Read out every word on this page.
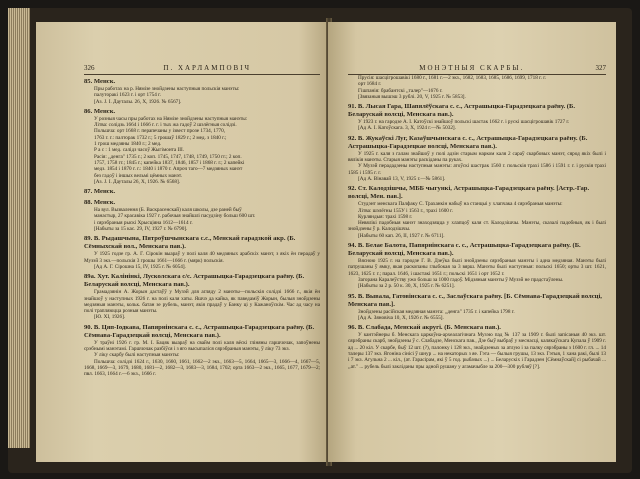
326	П. ХАРЛАМПОВІЧ
85. Менск.

Пры работах на р. Нямізе знойдзены наступныя польскія манэты:

палуторакі 1623 г. і орт 1754 г.

[Аз. J. І. Дауталы. 26, X, 1926. № 6567].

86. Менск.

У розныя часы пры работах на Нямізе знойдзены наступныя манэты:

Літва: солідзь 1664 і 1666 г. г. і тых жа гадоў 2 шэлёгныя солідзі.

Польшча: орт 1668 г. перапечаны у ізвест прозе 1734, 1770,

1763 г. г.: палторак 1732 г.; 5 грошаў 1829 г.; 2 мед. з 1840 г.;

1 грош медзяны 1840 г.; 2 мед.

Р а с : 1 мед. салідз часоў Жыгімонта III.

Расія: ,,денга" 1735 г.; 2 коп. 1745, 1747, 1748, 1749, 1750 гг.; 2 коп.

1757, 1758 гг.; 1845 г.; капейка 1837, 1846, 1857 і 1868 г. г.; 2 капейкі

медз. 1854 і 1870 г. г.: 1840 і 1870 г. Апроч таго—7 медзяных манэт

без гадоў і іншых вельмі цёмных манэт.

[Аз. J. І. Дауталы 26, X, 1926. № 6568].

87. Менск.
88. Менск.

На вул. Вызвалення (Б. Васкрасенскай) каля школы, дзе раней быў

манастыр, 27 красавіка 1927 г. рабочыя знайшлі пасудзіну больш 600 шт.

і сярэбраныя рыскі Хрысціяна 1612—1614 г.

[Набыты за 15 кас. 29, IV, 1927 г. № 6790].

89. В. Рыдашчына, Пятроўшчынскага с.с., Менскай гарадзкой акр. (Б. Сёмныхскай вол., Менскага пав.).

У 1925 годзе гр. А. Г. Сірокін выараў у полі каля 40 медзяных арабскіх манэт, з якіх ён перадаў у Музэй 3 экз.—польскія 3 грошы 1661—1666 г. (мярк) польскія.

[Ад А. Г. Сірошна 15, IV, 1925 г. № 6054].

89а. Хут. Калінінкі, Лусколскага с/с. Астрашыцка-Гарадзецкага раёну. (Б. Беларускай волсці, Менскага пав.).

Грамадзянін А. Жорын дастаўў у Музэй для агляду 2 манэты—польскія солідзі 1666 г., якія ён знайшоў у наступных 1926 г. на полі каля хаты. Яшчэ да кайка, як паведаміў Жорын, былыя знойдзены медзяныя манэты, кольк. батан зе рубель, манэт, якія прадаў у Банку ці у Кажаноўскім. Час ад часу на полі трапляюцца розныя манэты.

[Ю. XI, 1926].

90. В. Цяп-Іодкава, Папярнінскага с. с., Астрашыцка-Гарадзецкага раёну. (Б. Сёмнава-Гарадзецкай волсці, Менскага пав.).

У траўні 1926 г. гр. М. І. Бацяк выараў на свайм полі каля вёскі гліняны гаршчочак, запоўнены срэбнымі манэтамі. Гаршчочак разбіўся і з яго высыпаліся сярэбраныя манэты, ў ліку 73 экз.

У ліку скарбу былі наступныя манэты:

Польшча: солідзі 1624 г., 1630, 1660, 1661, 1662—2 экз., 1663—5, 1664, 1665—3, 1666—4, 1667—5, 1668, 1669—3, 1679, 1680, 1681—2, 1682—3, 1683—3, 1684, 1702; орта 1663—2 экз., 1665, 1677, 1679—2; пвл. 1663, 1664 г.—6 экз., 1666 г.

МОНЭТНЫЯ СКАРБЫ.	327

Прусія: шасцігрошавікі 1680 г., 1681 г.—2 экз., 1682, 1683, 1685, 1686, 1699, 1718 г. г.

орт 1684 г.

Гішпанія: брабантскі ,,талер"—1676 г.

[Звязаныя вышэш 3 рублі. 20, V, 1925 г. № 5853].

91. В. Лысая Гара, Шапялёўскага с. с., Астрашыцка-Гарадзецкага раёну. (Б. Беларускай волсці, Менскага пав.).

У 1923 г. на гародзе А. І. Катоўскі знайшоў польскі шастак 1662 г. і рускі шасцігрошавік 1727 г.

[Ад А. І. Катоўскага. 3, X, 1924 г.—№ 5032].

92. В. Жукаўскі Луг, Казаўшчынскага с. с., Астрашыцка-Гарадзецкага раёну. (Б. Астрашыцка-Гарадзецкае волсці, Менскага пав.).

У 1925 г. каля з галам знайшоў у полі адзін старым нарком каля 2 сараў скарбовых манэт, сярод якіх былі і вялікія манэты. Старыя манэты раскіданы па руках.

У Музэй перададзены наступныя манэты: атоўскі шастрак 1560 г. польскія трахі 1586 і 1591 г. г. і рускія трахі 1585 і 1595 г. г.

[Ад А. Вінавай 13, V, 1925 г.—№ 5861].

92. Ст. Калодзішчы, МББ чыгункі, Астрашыцка-Гарадзецкага раёну. [Астр.-Гар. волсці, Мен. пав.].

Студэнт менскага Палфаку С. Траханкін набыў на станцыі у хлапчака 4 сярэбраныя манэты:

Літва: шэлёгны 155У і 1563 г., трахі 1600 г.

Курляндыя: трахі 1598 г.

Невялікі падобныя манэт знаходзяцца у хлапцоў каля ст. Калодзішчы. Манэты, сказалі падобныя, як і былі знойдзены ў р. Калодзішчы.

[Набыты 60 кап. 26, II, 1927 г. № 6711].

94. В. Белае Балота, Папярнінскага с. с., Астрашыцка-Гарадзецкага раёну. (Б. Беларускай волсці, Менскага пав.).

Вясною 1925 г. на гародзе Г. В. Дзеўка былі знойдзены сярэбраныя манэты і адна медзяная. Манэты былі патрушаны ў ямку, якая раскопаны глыбокая за 3 вярш. Манэты былі наступныя: польскі 1650; орты 3 шт. 1621, 1623, 1625 г. г.; парал. 1646, і шастакі 1651 г.; польскі 1651 і орт 1652 г.

Загорана Каралеўству ужо больш за 1000 гадоў. Мідзяныя манэты ў Музэй не прадстаўлены.

[Набыты за 2 р. 50 к. 30, X, 1925 г. № 6251].

95. В. Вывала, Гатовінскага с. с., Заслаўскага раёну. [Б. Сёмнава-Гарадзецкай волсці, Менскага пав.].

Знойдзены расійская медзяная манэта: ,,денга" 1735 г. і капейка 1798 г.

[Ад А. Зяновіча 10, X, 1926 г. № 6555].

96. В. Слабада, Менскай акругі. (Б. Менскага пав.).

У кантэйнеры б. Менскага царкоўна-археалагічнага Музэю пад № 137 за 1909 г. былі запісаныя 40 экз. шт. сярэбраны скарб, знойдзены ў с. Слабадзе, Менскага пав., Дзе быў выбраў у меснасці, калякаўскага Купала ў 1909 г. ад ... 20 кіл. У скарбе, быў 12 шт. (?), палонку і 128 экз., знайдзеных за атлую і за палку сярэбраны з 1600 г. гл. ... 14 талеры 137 экз. Ягоніна сінісі ў шнур ... на некаторых з яе. Гэта — былыя грушы, 13 экз. Гэтыя, 1 хана ракі, былі 13 і 7 экз. Агульна 2 ... кіл., (ат. Гарасірам, які ў 5 год. рыбачых ...) ... Беларускіх і Гарадзен [Сёмнаўскай] сі рыбачай ... ,,ат." ... рубель былі закліданы пры адной рушану у агамачыбле за 200—300 рубляў [?].
